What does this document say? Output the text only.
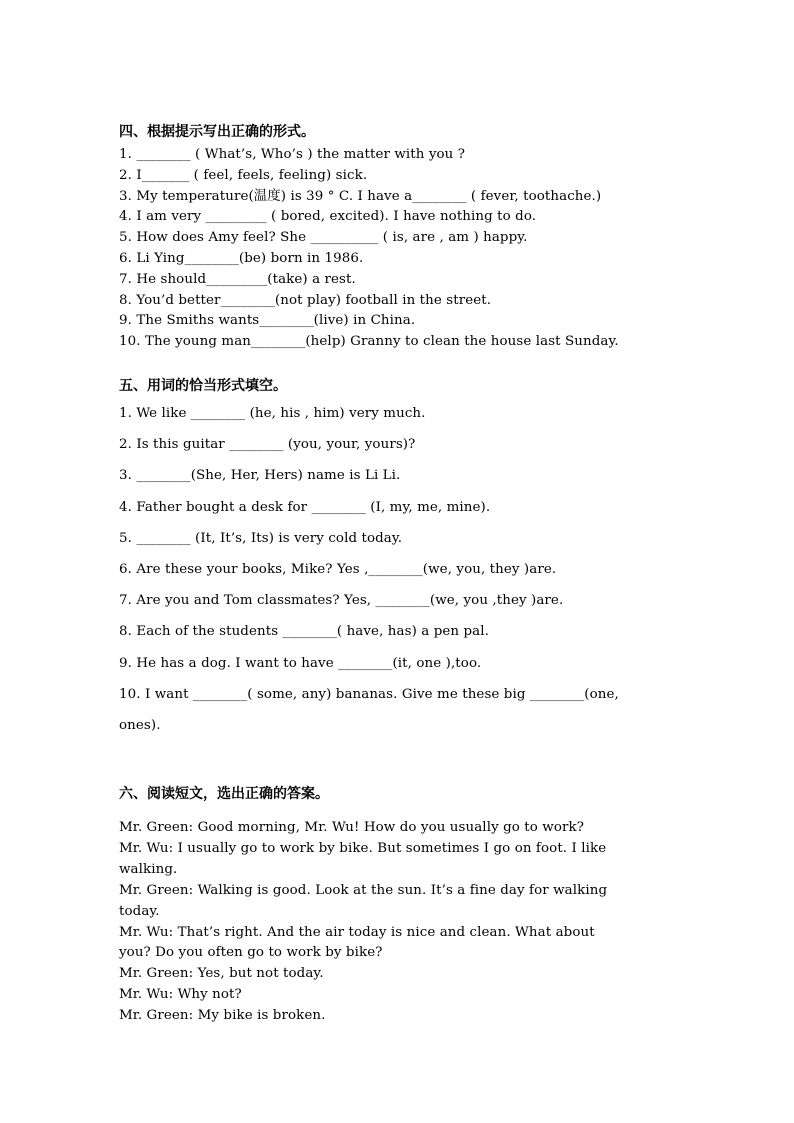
四、根据提示写出正确的形式。
1. ________ ( What’s, Who’s ) the matter with you ?
2. I_______ ( feel, feels, feeling) sick.
3. My temperature(温度) is 39 ° C. I have a________ ( fever, toothache.)
4. I am very _________ ( bored, excited). I have nothing to do.
5. How does Amy feel? She __________ ( is, are , am ) happy.
6. Li Ying________(be) born in 1986.
7. He should_________(take) a rest.
8. You’d better________(not play) football in the street.
9. The Smiths wants________(live) in China.
10. The young man________(help) Granny to clean the house last Sunday.
五、用词的恰当形式填空。
1. We like ________ (he, his , him) very much.
2. Is this guitar ________ (you, your, yours)?
3. ________(She, Her, Hers) name is Li Li.
4. Father bought a desk for ________ (I, my, me, mine).
5. ________ (It, It’s, Its) is very cold today.
6. Are these your books, Mike? Yes ,________(we, you, they )are.
7. Are you and Tom classmates? Yes, ________(we, you ,they )are.
8. Each of the students ________( have, has) a pen pal.
9. He has a dog. I want to have ________(it, one ),too.
10. I want ________( some, any) bananas. Give me these big ________(one,
ones).
六、阅读短文，选出正确的答案。
Mr. Green: Good morning, Mr. Wu! How do you usually go to work?
Mr. Wu: I usually go to work by bike. But sometimes I go on foot. I like
walking.
Mr. Green: Walking is good. Look at the sun. It’s a fine day for walking
today.
Mr. Wu: That’s right. And the air today is nice and clean. What about
you? Do you often go to work by bike?
Mr. Green: Yes, but not today.
Mr. Wu: Why not?
Mr. Green: My bike is broken.
